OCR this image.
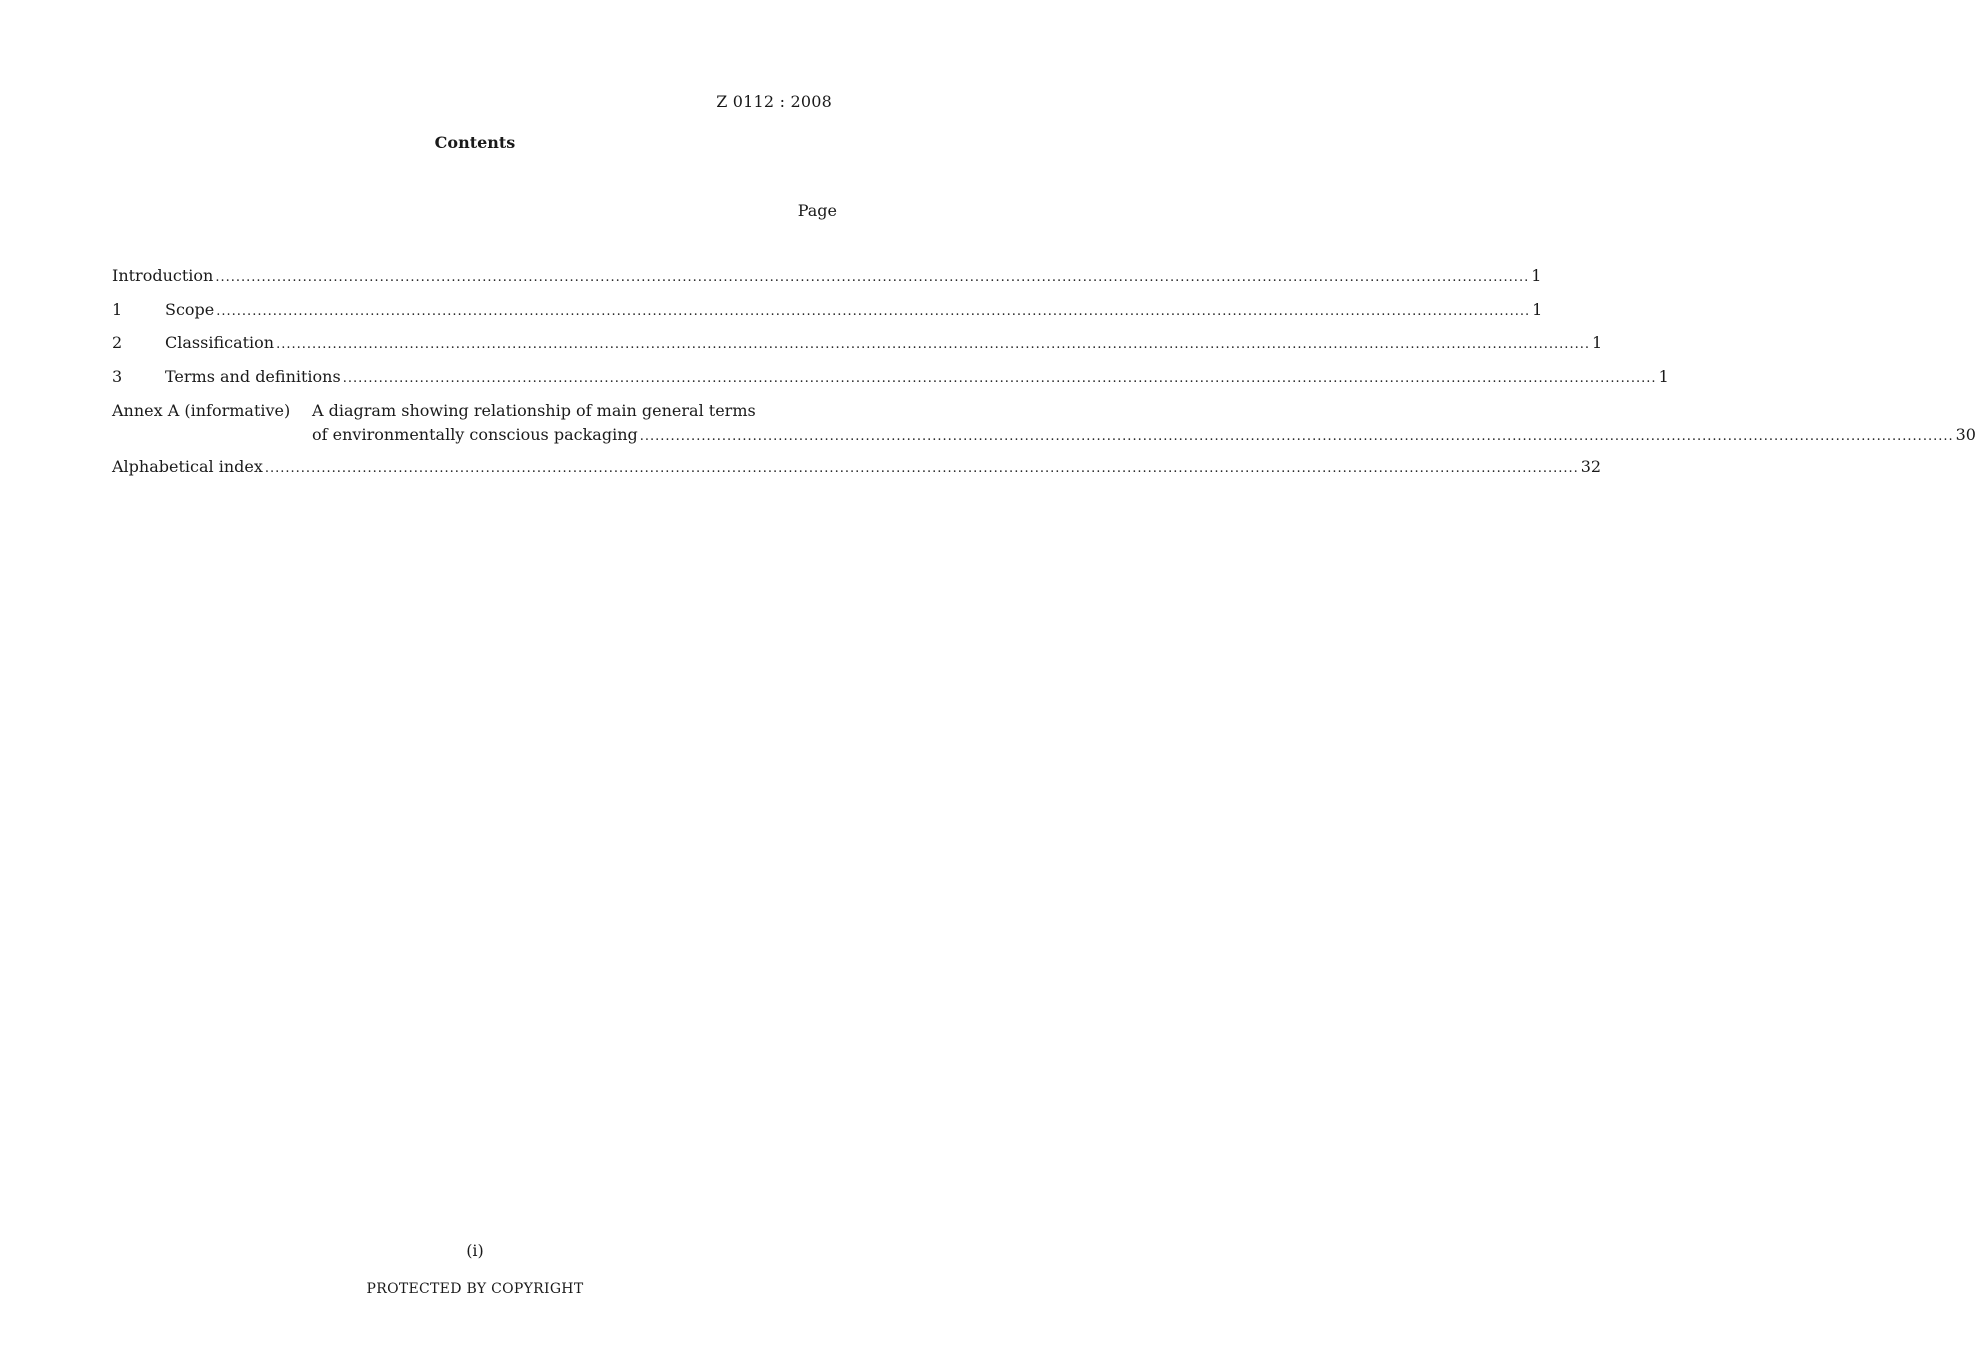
Z 0112 : 2008
Contents
Page
Introduction .....	1
1	Scope .....	1
2	Classification .....	1
3	Terms and definitions .....	1
Annex A (informative)	A diagram showing relationship of main general terms
of environmentally conscious packaging .....	30
Alphabetical index .....	32
(i)
PROTECTED BY COPYRIGHT
